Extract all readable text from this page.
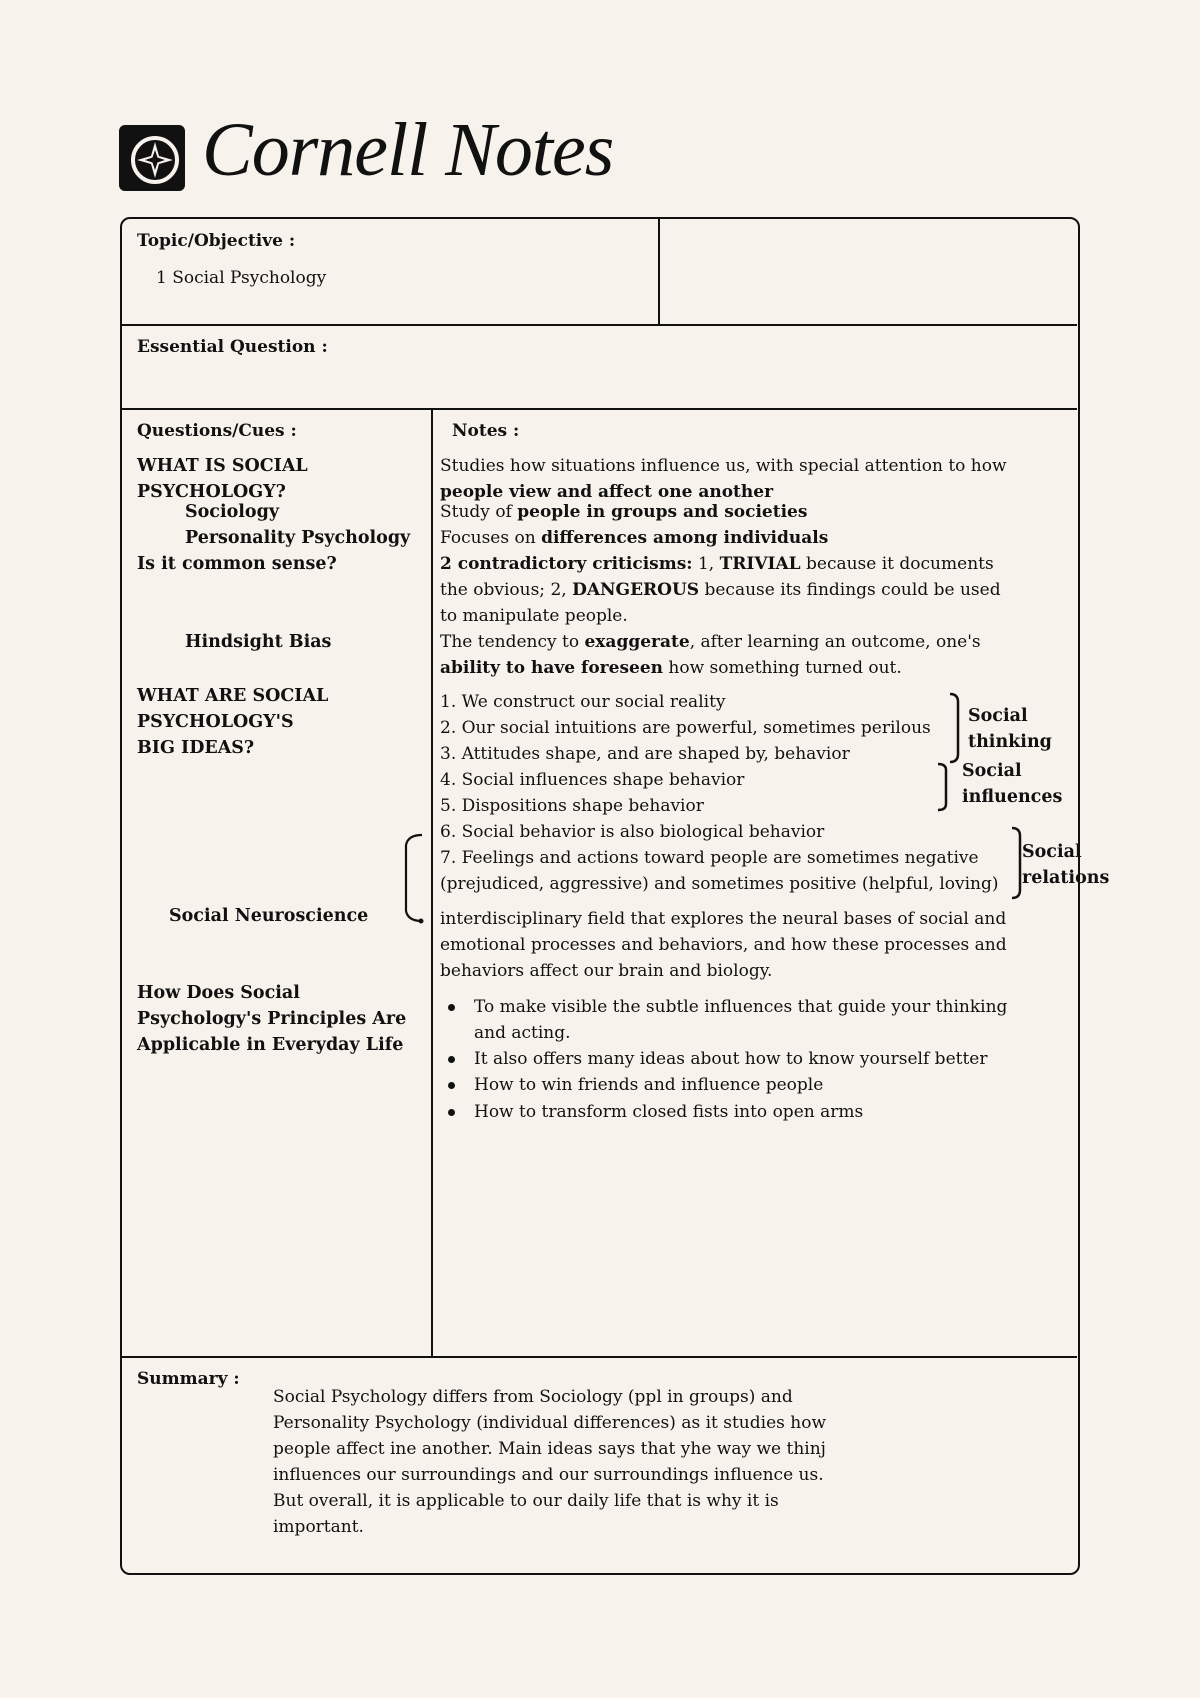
Cornell Notes
Topic/Objective :
1 Social Psychology
Essential Question :
Questions/Cues :	Notes :
WHAT IS SOCIAL
PSYCHOLOGY?
Sociology
Personality Psychology
Is it common sense?
Hindsight Bias
WHAT ARE SOCIAL
PSYCHOLOGY'S
BIG IDEAS?
Social Neuroscience
How Does Social
Psychology's Principles Are
Applicable in Everyday Life
Studies how situations influence us, with special attention to how
people view and affect one another
Study of people in groups and societies
Focuses on differences among individuals
2 contradictory criticisms: 1, TRIVIAL because it documents
the obvious; 2, DANGEROUS because its findings could be used
to manipulate people.
The tendency to exaggerate, after learning an outcome, one's
ability to have foreseen how something turned out.
1. We construct our social reality
2. Our social intuitions are powerful, sometimes perilous
3. Attitudes shape, and are shaped by, behavior
4. Social influences shape behavior
5. Dispositions shape behavior
6. Social behavior is also biological behavior
7. Feelings and actions toward people are sometimes negative
(prejudiced, aggressive) and sometimes positive (helpful, loving)
Social
thinking
Social
influences
Social
relations
interdisciplinary field that explores the neural bases of social and
emotional processes and behaviors, and how these processes and
behaviors affect our brain and biology.
To make visible the subtle influences that guide your thinking
and acting.
It also offers many ideas about how to know yourself better
How to win friends and influence people
How to transform closed fists into open arms
Summary :
Social Psychology differs from Sociology (ppl in groups) and
Personality Psychology (individual differences) as it studies how
people affect ine another. Main ideas says that yhe way we thinj
influences our surroundings and our surroundings influence us.
But overall, it is applicable to our daily life that is why it is
important.
